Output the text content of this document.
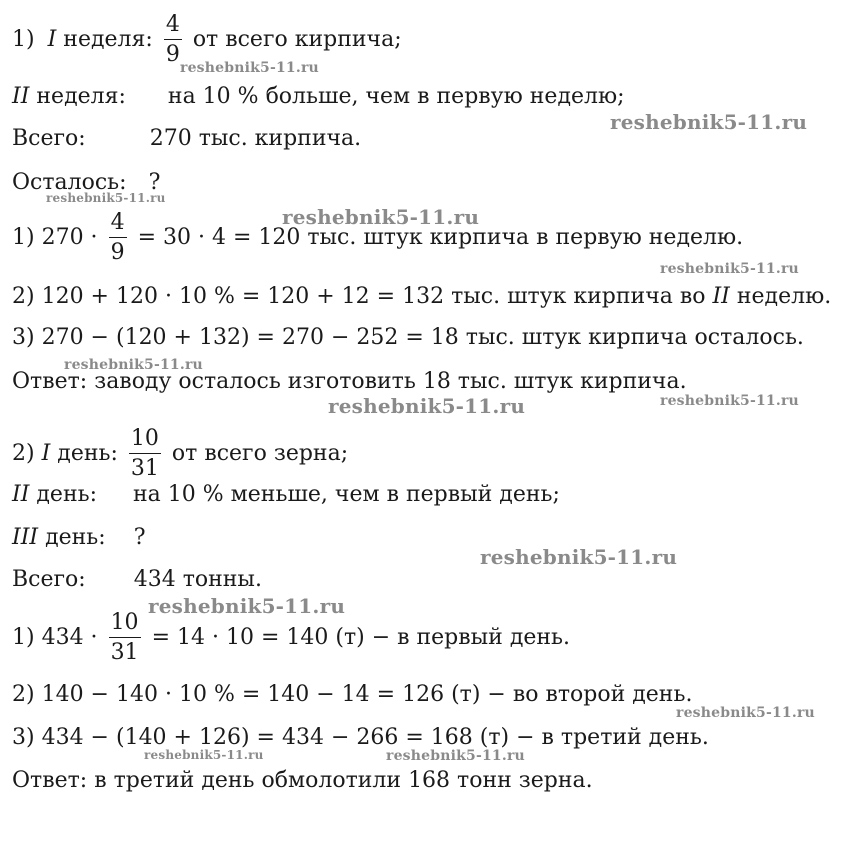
1) I неделя: $\frac{4}{9}$ от всего кирпича;
II неделя: на 10 % больше, чем в первую неделю;
Всего:	270 тыс. кирпича.
Осталось: ?
1) $270 \cdot \frac{4}{9} = 30 \cdot 4 = 120$ тыс. штук кирпича в первую неделю.
2) 120 + 120 · 10 % = 120 + 12 = 132 тыс. штук кирпича во II неделю.
3) 270 − (120 + 132) = 270 − 252 = 18 тыс. штук кирпича осталось.
Ответ: заводу осталось изготовить 18 тыс. штук кирпича.
2) I день: $\frac{10}{31}$ от всего зерна;
II день: на 10 % меньше, чем в первый день;
III день: ?
Всего: 434 тонны.
1) $434 \cdot \frac{10}{31} = 14 \cdot 10 = 140$ (т) − в первый день.
2) 140 − 140 · 10 % = 140 − 14 = 126 (т) − во второй день.
3) 434 − (140 + 126) = 434 − 266 = 168 (т) − в третий день.
Ответ: в третий день обмолотили 168 тонн зерна.
reshebnik5-11.ru
reshebnik5-11.ru
reshebnik5-11.ru
reshebnik5-11.ru
reshebnik5-11.ru
reshebnik5-11.ru
reshebnik5-11.ru	reshebnik5-11.ru
reshebnik5-11.ru
reshebnik5-11.ru
reshebnik5-11.ru
reshebnik5-11.ru	reshebnik5-11.ru
